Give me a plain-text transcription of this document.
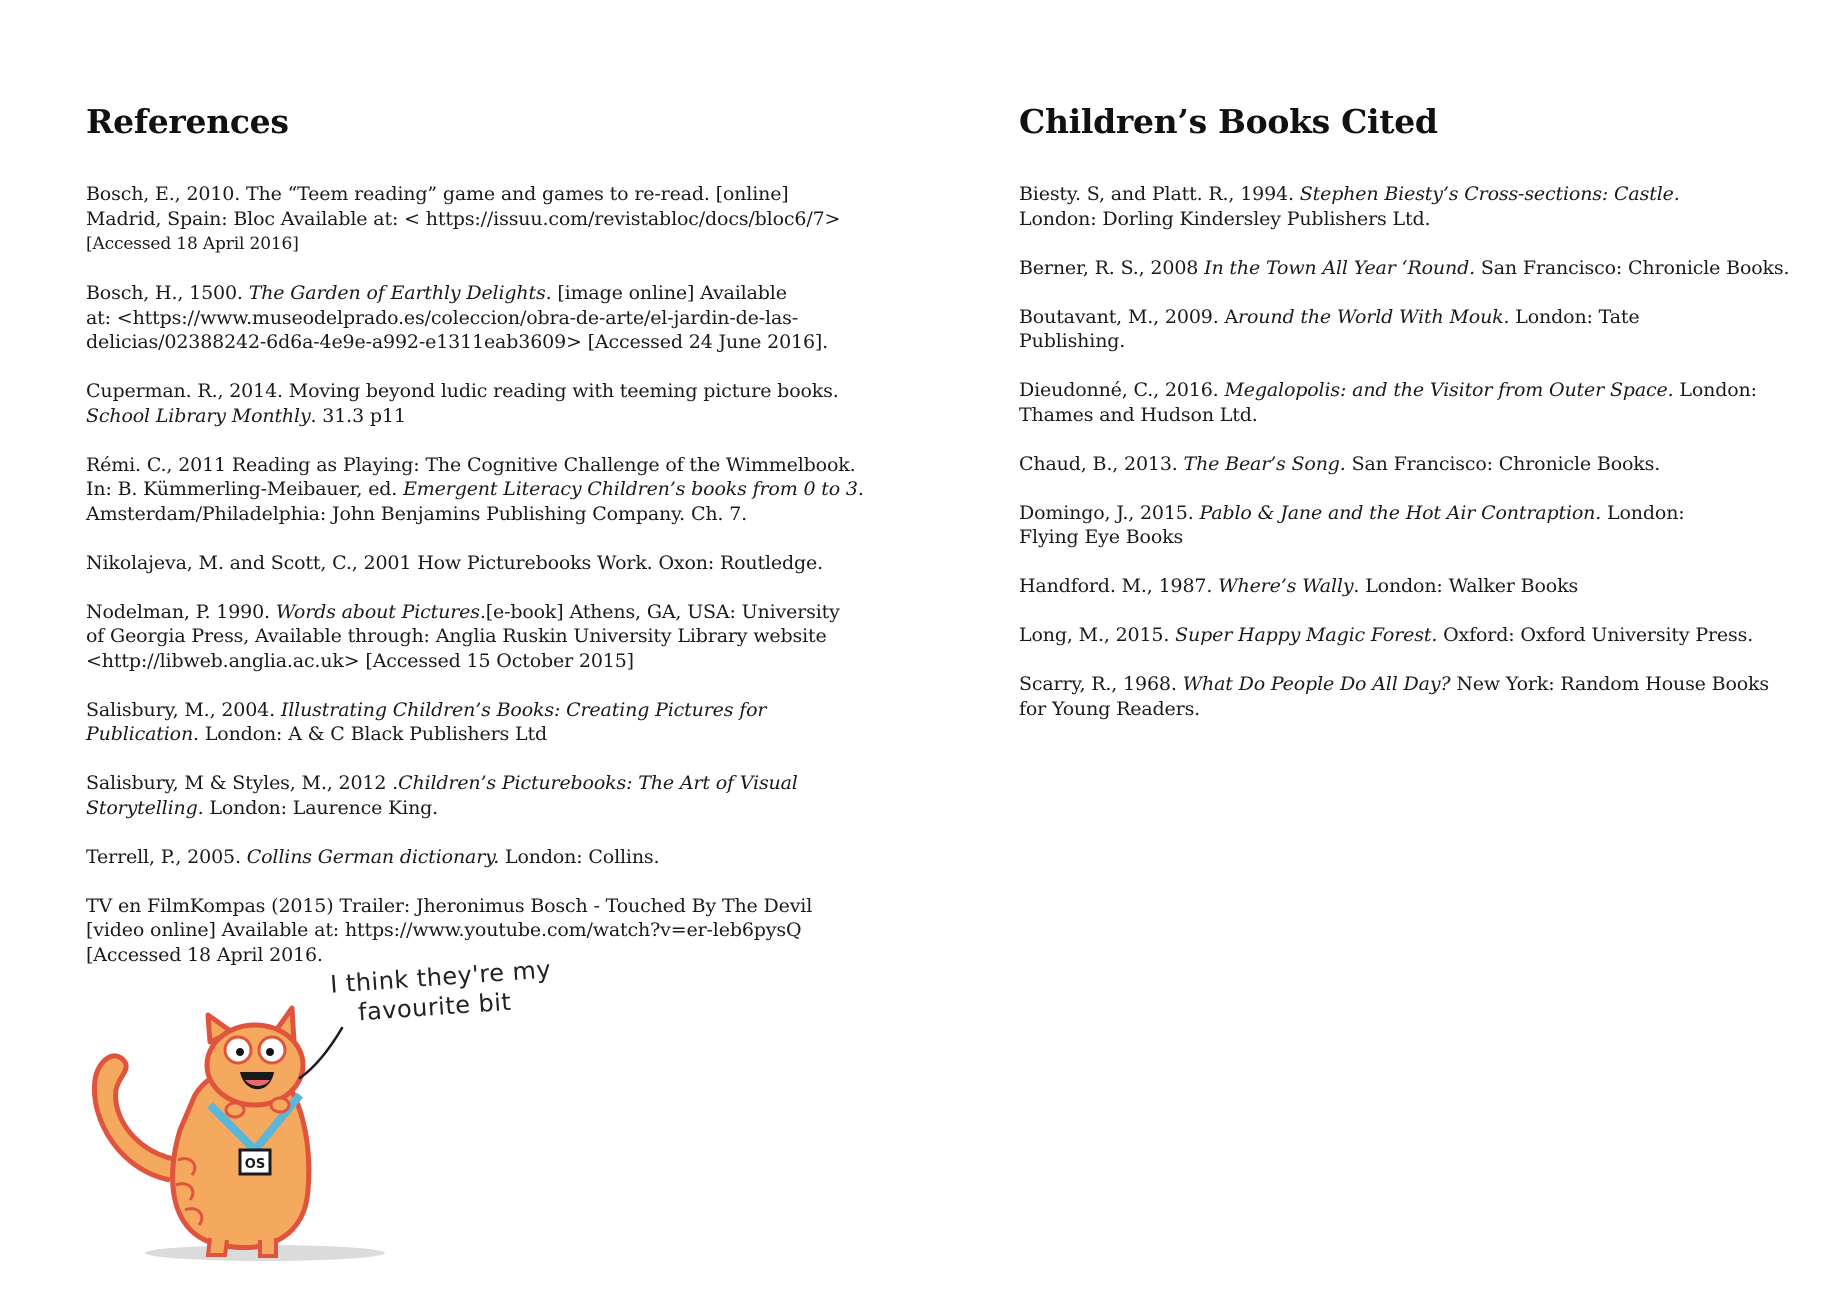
References

Bosch, E., 2010. The “Teem reading” game and games to re-read. [online]
Madrid, Spain: Bloc Available at: < https://issuu.com/revistabloc/docs/bloc6/7>
[Accessed 18 April 2016]

Bosch, H., 1500. The Garden of Earthly Delights. [image online] Available
at: <https://www.museodelprado.es/coleccion/obra-de-arte/el-jardin-de-las-
delicias/02388242-6d6a-4e9e-a992-e1311eab3609> [Accessed 24 June 2016].

Cuperman. R., 2014. Moving beyond ludic reading with teeming picture books.
School Library Monthly. 31.3 p11

Rémi. C., 2011 Reading as Playing: The Cognitive Challenge of the Wimmelbook.
In: B. Kümmerling-Meibauer, ed. Emergent Literacy Children’s books from 0 to 3.
Amsterdam/Philadelphia: John Benjamins Publishing Company. Ch. 7.

Nikolajeva, M. and Scott, C., 2001 How Picturebooks Work. Oxon: Routledge.

Nodelman, P. 1990. Words about Pictures.[e-book] Athens, GA, USA: University
of Georgia Press, Available through: Anglia Ruskin University Library website
<http://libweb.anglia.ac.uk> [Accessed 15 October 2015]

Salisbury, M., 2004. Illustrating Children’s Books: Creating Pictures for
Publication. London: A & C Black Publishers Ltd

Salisbury, M & Styles, M., 2012 .Children’s Picturebooks: The Art of Visual
Storytelling. London: Laurence King.

Terrell, P., 2005. Collins German dictionary. London: Collins.

TV en FilmKompas (2015) Trailer: Jheronimus Bosch - Touched By The Devil
[video online] Available at: https://www.youtube.com/watch?v=er-leb6pysQ
[Accessed 18 April 2016.

Children’s Books Cited

Biesty. S, and Platt. R., 1994. Stephen Biesty’s Cross-sections: Castle.
London: Dorling Kindersley Publishers Ltd.

Berner, R. S., 2008 In the Town All Year ‘Round. San Francisco: Chronicle Books.

Boutavant, M., 2009. Around the World With Mouk. London: Tate
Publishing.

Dieudonné, C., 2016. Megalopolis: and the Visitor from Outer Space. London:
Thames and Hudson Ltd.

Chaud, B., 2013. The Bear’s Song. San Francisco: Chronicle Books.

Domingo, J., 2015. Pablo & Jane and the Hot Air Contraption. London:
Flying Eye Books

Handford. M., 1987. Where’s Wally. London: Walker Books

Long, M., 2015. Super Happy Magic Forest. Oxford: Oxford University Press.

Scarry, R., 1968. What Do People Do All Day? New York: Random House Books
for Young Readers.

OS
I think they're my
favourite bit
